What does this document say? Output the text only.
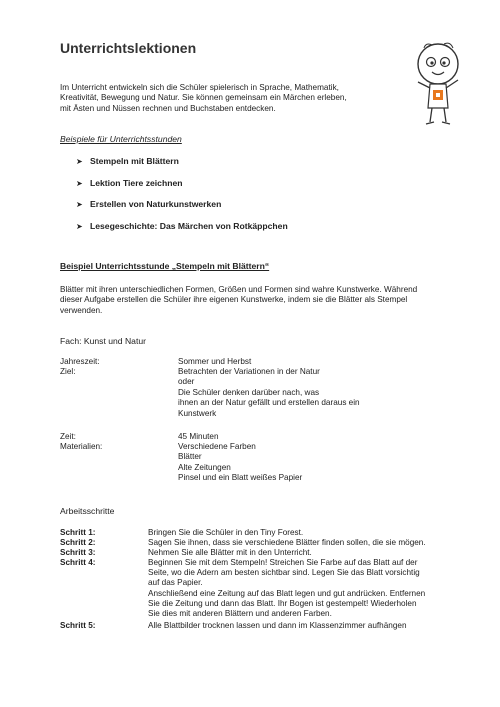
Unterrichtslektionen
Im Unterricht entwickeln sich die Schüler spielerisch in Sprache, Mathematik,
Kreativität, Bewegung und Natur. Sie können gemeinsam ein Märchen erleben,
mit Ästen und Nüssen rechnen und Buchstaben entdecken.
Beispiele für Unterrichtsstunden
➤ Stempeln mit Blättern
➤ Lektion Tiere zeichnen
➤ Erstellen von Naturkunstwerken
➤ Lesegeschichte: Das Märchen von Rotkäppchen
Beispiel Unterrichtsstunde „Stempeln mit Blättern“
Blätter mit ihren unterschiedlichen Formen, Größen und Formen sind wahre Kunstwerke. Während
dieser Aufgabe erstellen die Schüler ihre eigenen Kunstwerke, indem sie die Blätter als Stempel
verwenden.
Fach: Kunst und Natur
Jahreszeit:	Sommer und Herbst
Ziel:	Betrachten der Variationen in der Natur
oder
Die Schüler denken darüber nach, was
ihnen an der Natur gefällt und erstellen daraus ein
Kunstwerk
Zeit:	45 Minuten
Materialien:	Verschiedene Farben
Blätter
Alte Zeitungen
Pinsel und ein Blatt weißes Papier
Arbeitsschritte
Schritt 1:	Bringen Sie die Schüler in den Tiny Forest.
Schritt 2:	Sagen Sie ihnen, dass sie verschiedene Blätter finden sollen, die sie mögen.
Schritt 3:	Nehmen Sie alle Blätter mit in den Unterricht.
Schritt 4:	Beginnen Sie mit dem Stempeln! Streichen Sie Farbe auf das Blatt auf der
Seite, wo die Adern am besten sichtbar sind. Legen Sie das Blatt vorsichtig
auf das Papier.
Anschließend eine Zeitung auf das Blatt legen und gut andrücken. Entfernen
Sie die Zeitung und dann das Blatt. Ihr Bogen ist gestempelt! Wiederholen
Sie dies mit anderen Blättern und anderen Farben.
Schritt 5:	Alle Blattbilder trocknen lassen und dann im Klassenzimmer aufhängen
